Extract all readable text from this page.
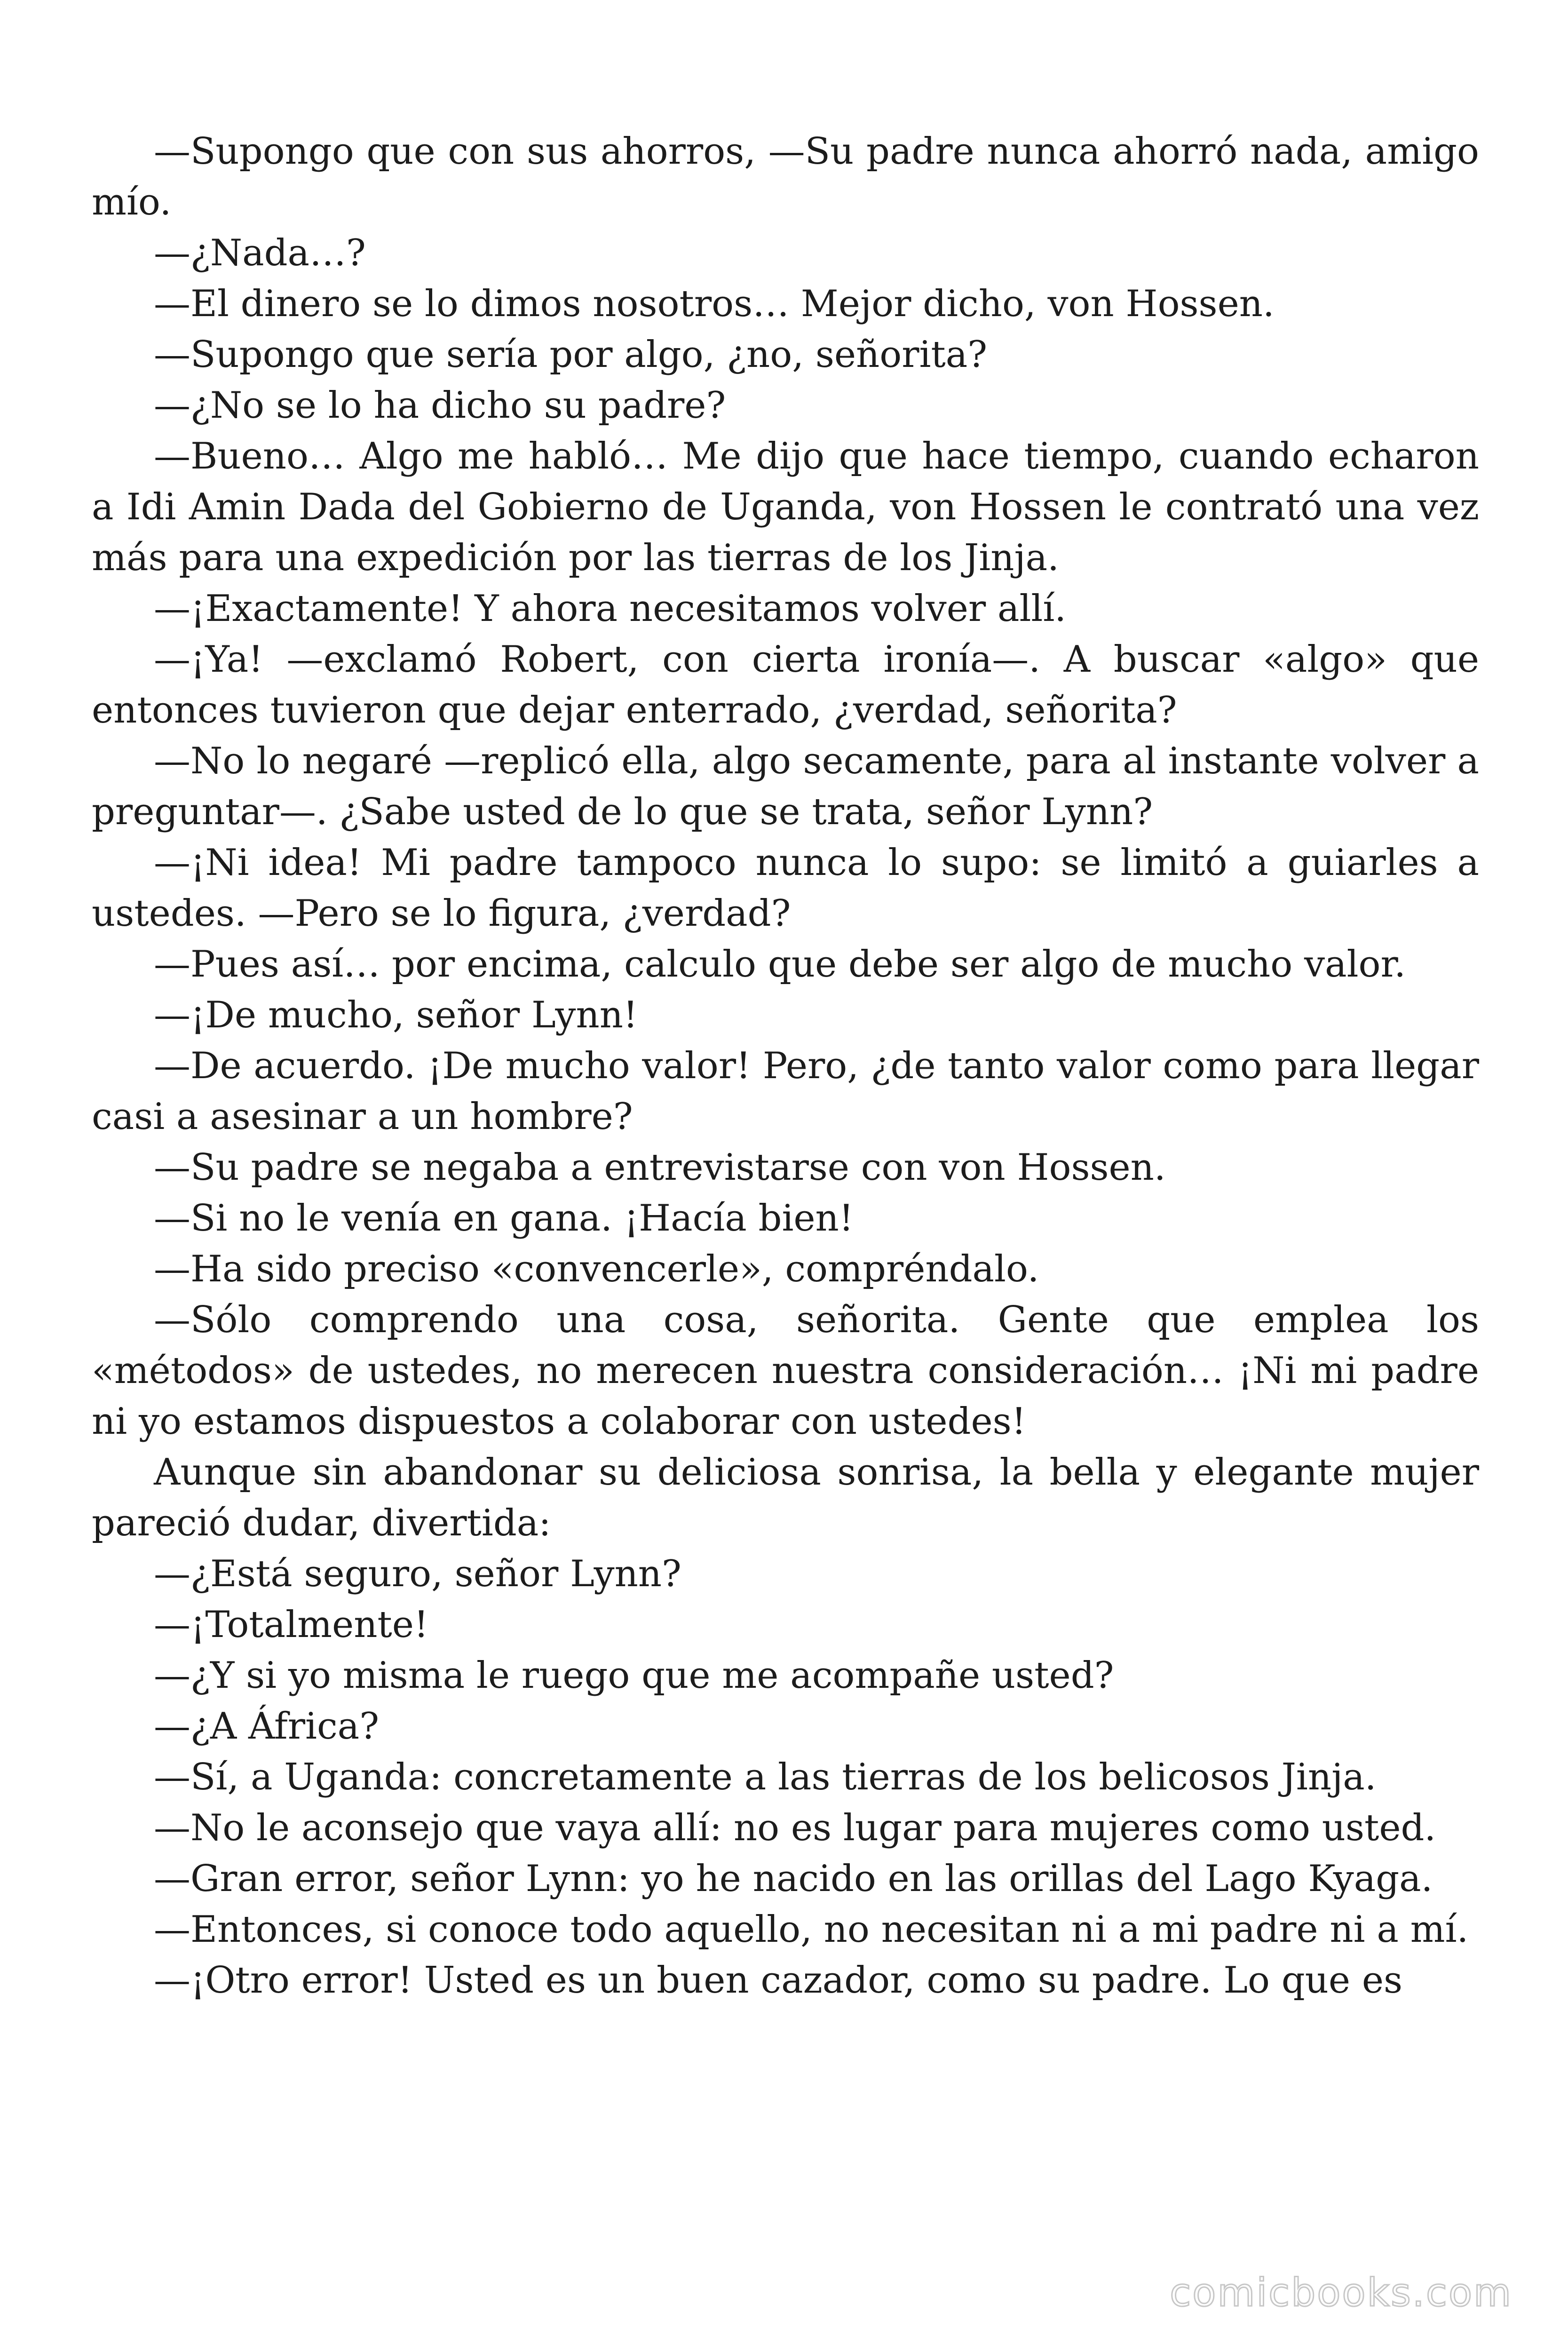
—Supongo que con sus ahorros, —Su padre nunca ahorró nada, amigo mío.

—¿Nada…?

—El dinero se lo dimos nosotros… Mejor dicho, von Hossen.

—Supongo que sería por algo, ¿no, señorita?

—¿No se lo ha dicho su padre?

—Bueno… Algo me habló… Me dijo que hace tiempo, cuando echaron a Idi Amin Dada del Gobierno de Uganda, von Hossen le contrató una vez más para una expedición por las tierras de los Jinja.

—¡Exactamente! Y ahora necesitamos volver allí.

—¡Ya! —exclamó Robert, con cierta ironía—. A buscar «algo» que entonces tuvieron que dejar enterrado, ¿verdad, señorita?

—No lo negaré —replicó ella, algo secamente, para al instante volver a preguntar—. ¿Sabe usted de lo que se trata, señor Lynn?

—¡Ni idea! Mi padre tampoco nunca lo supo: se limitó a guiarles a ustedes. —Pero se lo figura, ¿verdad?

—Pues así… por encima, calculo que debe ser algo de mucho valor.

—¡De mucho, señor Lynn!

—De acuerdo. ¡De mucho valor! Pero, ¿de tanto valor como para llegar casi a asesinar a un hombre?

—Su padre se negaba a entrevistarse con von Hossen.

—Si no le venía en gana. ¡Hacía bien!

—Ha sido preciso «convencerle», compréndalo.

—Sólo comprendo una cosa, señorita. Gente que emplea los «métodos» de ustedes, no merecen nuestra consideración… ¡Ni mi padre ni yo estamos dispuestos a colaborar con ustedes!

Aunque sin abandonar su deliciosa sonrisa, la bella y elegante mujer pareció dudar, divertida:

—¿Está seguro, señor Lynn?

—¡Totalmente!

—¿Y si yo misma le ruego que me acompañe usted?

—¿A África?

—Sí, a Uganda: concretamente a las tierras de los belicosos Jinja.

—No le aconsejo que vaya allí: no es lugar para mujeres como usted.

—Gran error, señor Lynn: yo he nacido en las orillas del Lago Kyaga.

—Entonces, si conoce todo aquello, no necesitan ni a mi padre ni a mí.

—¡Otro error! Usted es un buen cazador, como su padre. Lo que es

comicbooks.com
